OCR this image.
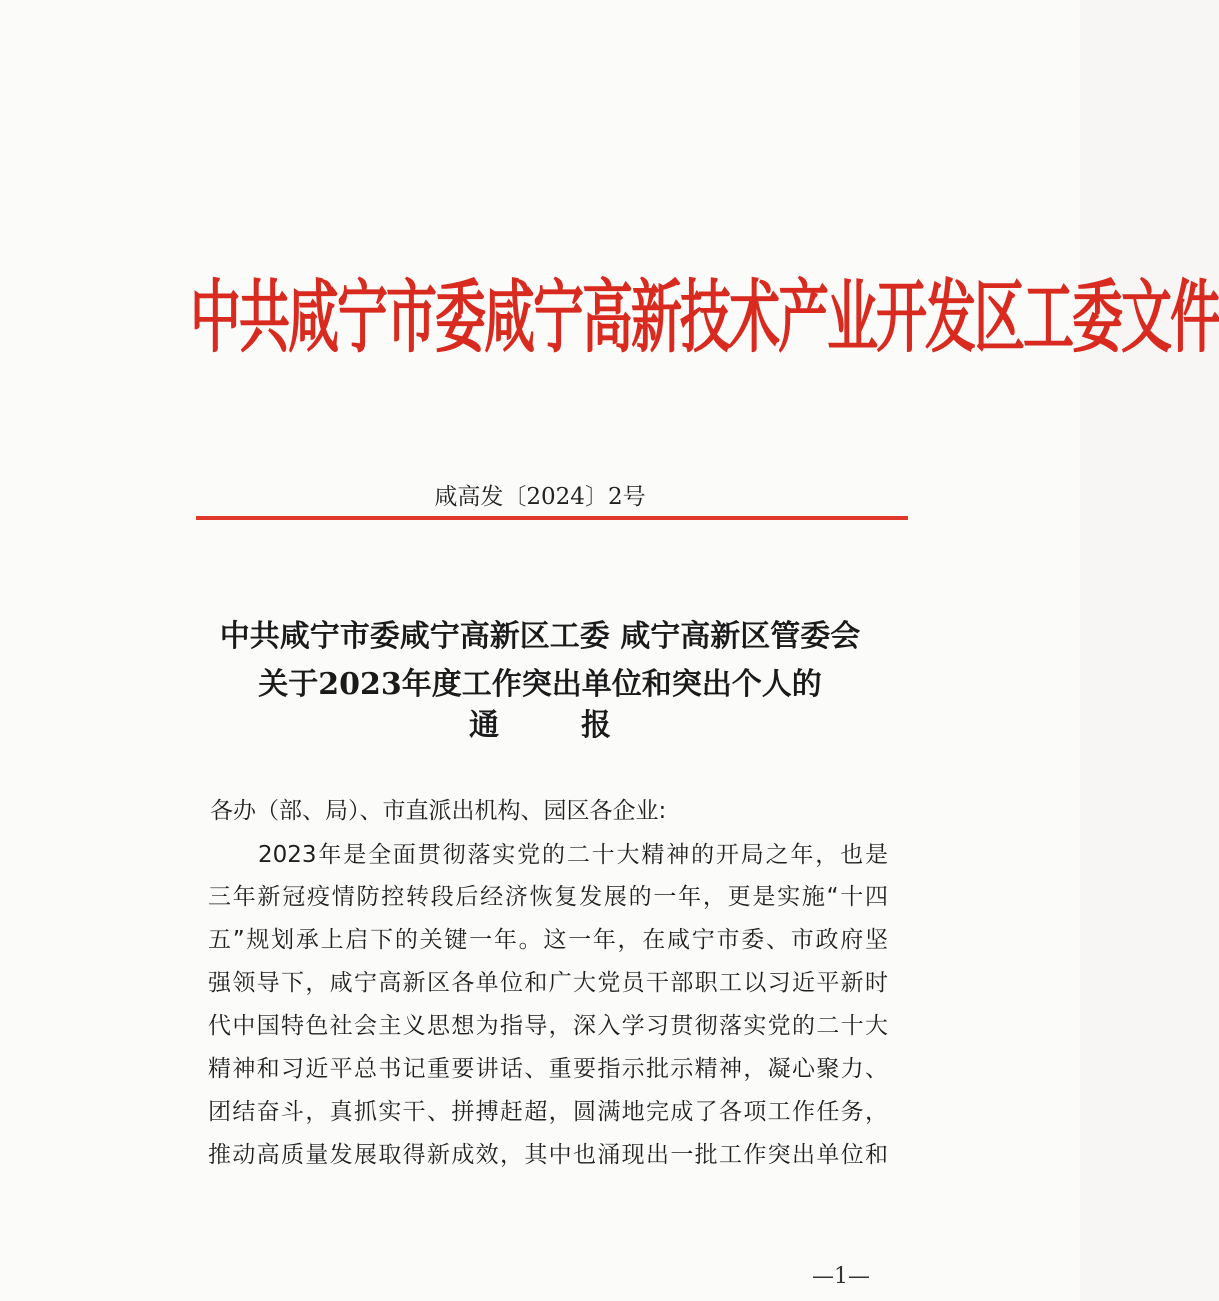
中共咸宁市委咸宁高新技术产业开发区工委文件
咸高发〔2024〕2号
中共咸宁市委咸宁高新区工委 咸宁高新区管委会
关于2023年度工作突出单位和突出个人的
通	报
各办（部、局）、市直派出机构、园区各企业:
2023年是全面贯彻落实党的二十大精神的开局之年，也是
三年新冠疫情防控转段后经济恢复发展的一年，更是实施“十四
五”规划承上启下的关键一年。这一年，在咸宁市委、市政府坚
强领导下，咸宁高新区各单位和广大党员干部职工以习近平新时
代中国特色社会主义思想为指导，深入学习贯彻落实党的二十大
精神和习近平总书记重要讲话、重要指示批示精神，凝心聚力、
团结奋斗，真抓实干、拼搏赶超，圆满地完成了各项工作任务，
推动高质量发展取得新成效，其中也涌现出一批工作突出单位和
—1—
